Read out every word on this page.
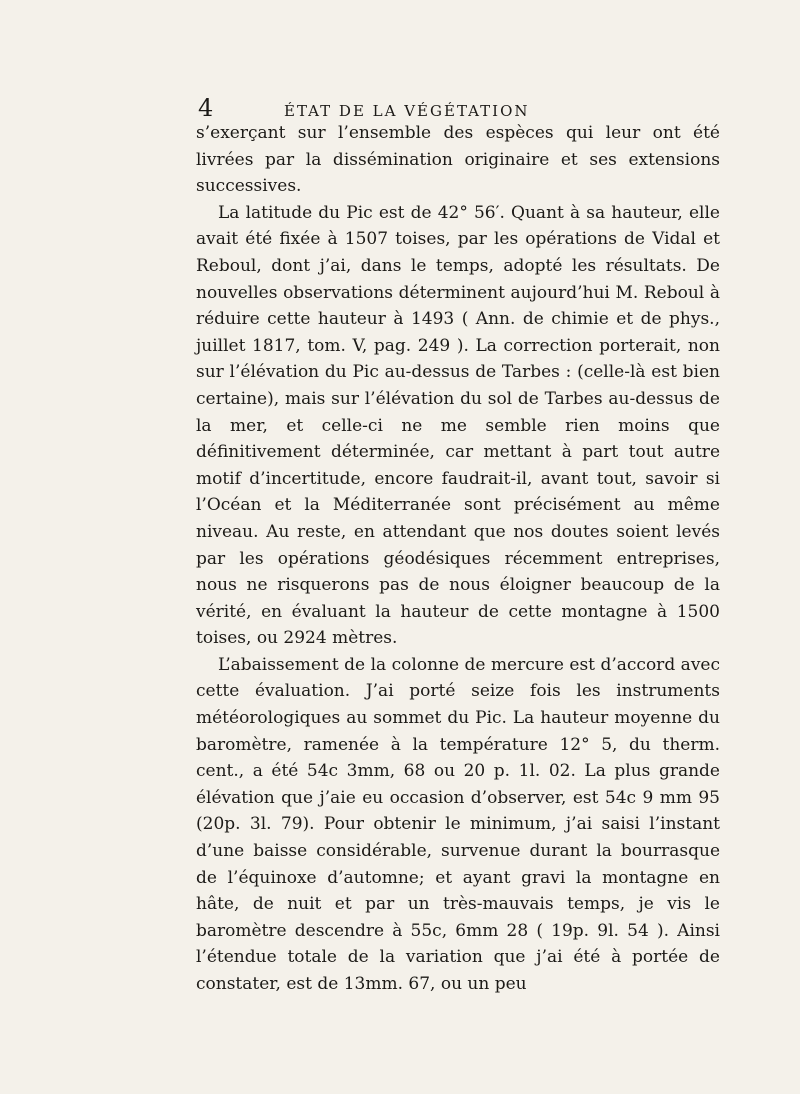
4	ÉTAT DE LA VÉGÉTATION

s’exerçant sur l’ensemble des espèces qui leur ont été livrées par la dissémination originaire et ses extensions successives.

La latitude du Pic est de 42° 56′. Quant à sa hauteur, elle avait été fixée à 1507 toises, par les opérations de Vidal et Reboul, dont j’ai, dans le temps, adopté les résultats. De nouvelles observations déterminent aujourd’hui M. Reboul à réduire cette hauteur à 1493 ( Ann. de chimie et de phys., juillet 1817, tom. V, pag. 249 ). La correction porterait, non sur l’élévation du Pic au-dessus de Tarbes : (celle-là est bien certaine), mais sur l’élévation du sol de Tarbes au-dessus de la mer, et celle-ci ne me semble rien moins que définitivement déterminée, car mettant à part tout autre motif d’incertitude, encore faudrait-il, avant tout, savoir si l’Océan et la Méditerranée sont précisément au même niveau. Au reste, en attendant que nos doutes soient levés par les opérations géodésiques récemment entreprises, nous ne risquerons pas de nous éloigner beaucoup de la vérité, en évaluant la hauteur de cette montagne à 1500 toises, ou 2924 mètres.

L’abaissement de la colonne de mercure est d’accord avec cette évaluation. J’ai porté seize fois les instruments météorologiques au sommet du Pic. La hauteur moyenne du baromètre, ramenée à la température 12° 5, du therm. cent., a été 54c 3mm, 68 ou 20 p. 1l. 02. La plus grande élévation que j’aie eu occasion d’observer, est 54c 9 mm 95 (20p. 3l. 79). Pour obtenir le minimum, j’ai saisi l’instant d’une baisse considérable, survenue durant la bourrasque de l’équinoxe d’automne; et ayant gravi la montagne en hâte, de nuit et par un très-mauvais temps, je vis le baromètre descendre à 55c, 6mm 28 ( 19p. 9l. 54 ). Ainsi l’étendue totale de la variation que j’ai été à portée de constater, est de 13mm. 67, ou un peu
